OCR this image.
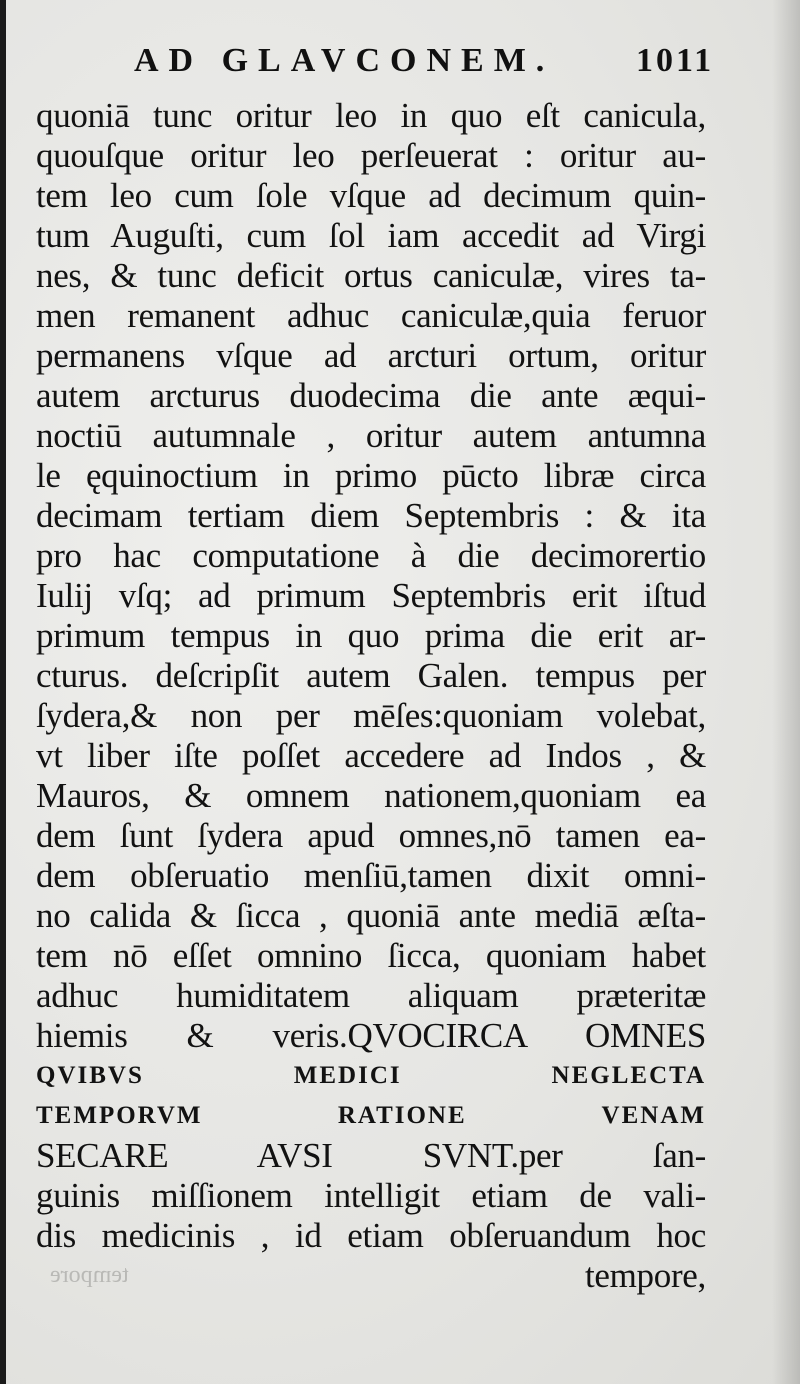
AD GLAVCONEM. 1011
quoniā tunc oritur leo in quo eſt canicula,
quouſque oritur leo perſeuerat : oritur au-
tem leo cum ſole vſque ad decimum quin-
tum Auguſti, cum ſol iam accedit ad Virgi
nes, & tunc deficit ortus caniculæ, vires ta-
men remanent adhuc caniculæ,quia feruor
permanens vſque ad arcturi ortum, oritur
autem arcturus duodecima die ante æqui-
noctiū autumnale , oritur autem antumna
le ęquinoctium in primo pūcto libræ circa
decimam tertiam diem Septembris : & ita
pro hac computatione à die decimorertio
Iulij vſq; ad primum Septembris erit iſtud
primum tempus in quo prima die erit ar-
cturus. deſcripſit autem Galen. tempus per
ſydera,& non per mēſes:quoniam volebat,
vt liber iſte poſſet accedere ad Indos , &
Mauros, & omnem nationem,quoniam ea
dem ſunt ſydera apud omnes,nō tamen ea-
dem obſeruatio menſiū,tamen dixit omni-
no calida & ſicca , quoniā ante mediā æſta-
tem nō eſſet omnino ſicca, quoniam habet
adhuc humiditatem aliquam præteritæ
hiemis & veris.QVOCIRCA OMNES
QVIBVS MEDICI NEGLECTA
TEMPORVM RATIONE VENAM
SECARE AVSI SVNT.per ſan-
guinis miſſionem intelligit etiam de vali-
dis medicinis , id etiam obſeruandum hoc
tempore,
tempore
